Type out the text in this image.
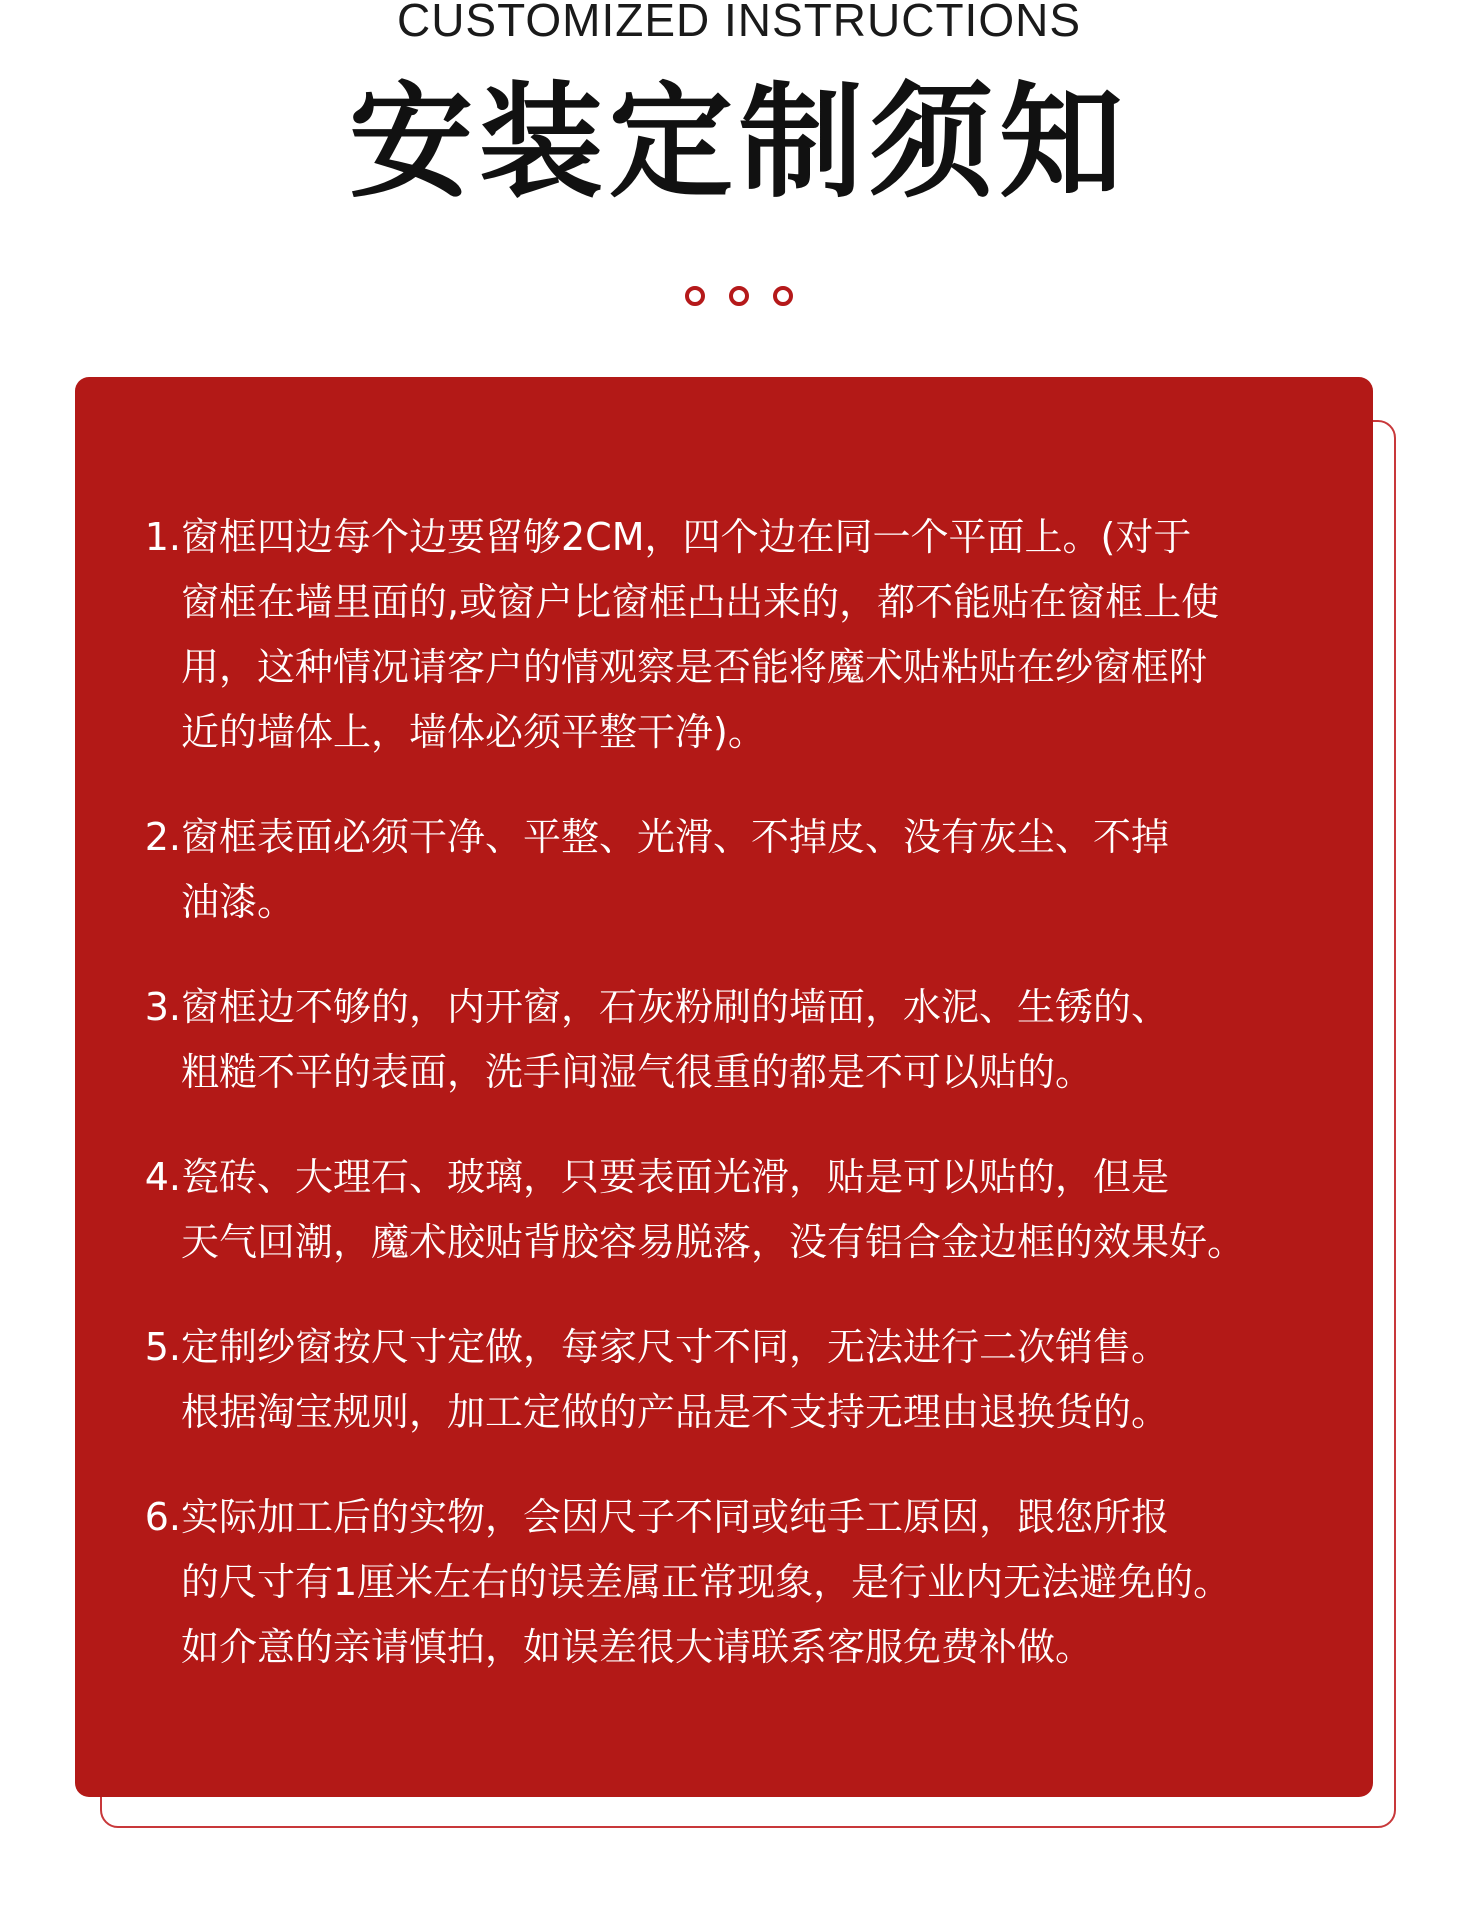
CUSTOMIZED INSTRUCTIONS
安装定制须知
1. 窗框四边每个边要留够2CM，四个边在同一个平面上。(对于
窗框在墙里面的,或窗户比窗框凸出来的，都不能贴在窗框上使
用，这种情况请客户的情观察是否能将魔术贴粘贴在纱窗框附
近的墙体上，墙体必须平整干净)。
2. 窗框表面必须干净、平整、光滑、不掉皮、没有灰尘、不掉
油漆。
3. 窗框边不够的，内开窗，石灰粉刷的墙面，水泥、生锈的、
粗糙不平的表面，洗手间湿气很重的都是不可以贴的。
4. 瓷砖、大理石、玻璃，只要表面光滑，贴是可以贴的，但是
天气回潮，魔术胶贴背胶容易脱落，没有铝合金边框的效果好。
5. 定制纱窗按尺寸定做，每家尺寸不同，无法进行二次销售。
根据淘宝规则，加工定做的产品是不支持无理由退换货的。
6. 实际加工后的实物，会因尺子不同或纯手工原因，跟您所报
的尺寸有1厘米左右的误差属正常现象，是行业内无法避免的。
如介意的亲请慎拍，如误差很大请联系客服免费补做。
